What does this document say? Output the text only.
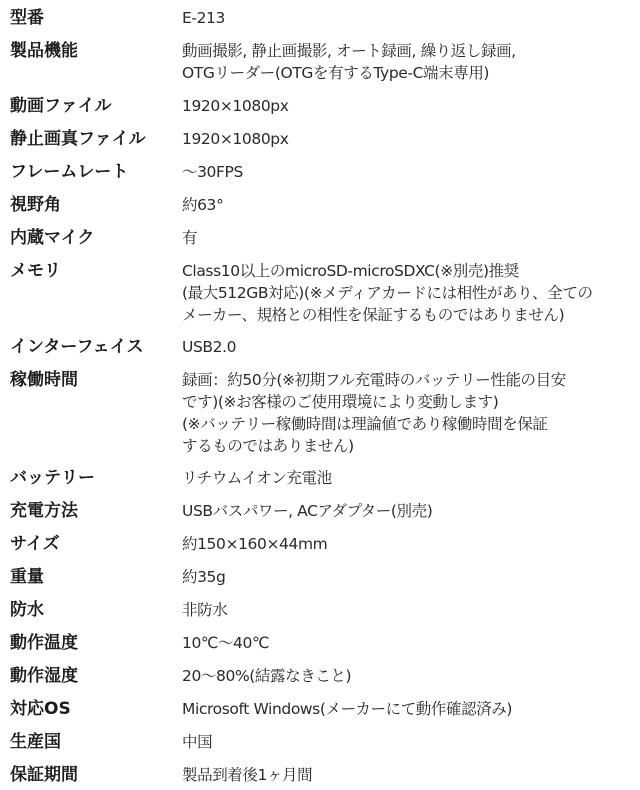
型番	E-213
製品機能	動画撮影, 静止画撮影, オート録画, 繰り返し録画,
OTGリーダー(OTGを有するType-C端末専用)
動画ファイル	1920×1080px
静止画真ファイル	1920×1080px
フレームレート	〜30FPS
視野角	約63°
内蔵マイク	有
メモリ	Class10以上のmicroSD-microSDXC(※別売)推奨
(最大512GB対応)(※メディアカードには相性があり、全ての
メーカー、規格との相性を保証するものではありません)
インターフェイス	USB2.0
稼働時間	録画：約50分(※初期フル充電時のバッテリー性能の目安
です)(※お客様のご使用環境により変動します)
(※バッテリー稼働時間は理論値であり稼働時間を保証
するものではありません)
バッテリー	リチウムイオン充電池
充電方法	USBバスパワー, ACアダプター(別売)
サイズ	約150×160×44mm
重量	約35g
防水	非防水
動作温度	10℃〜40℃
動作湿度	20〜80%(結露なきこと)
対応OS	Microsoft Windows(メーカーにて動作確認済み)
生産国	中国
保証期間	製品到着後1ヶ月間
